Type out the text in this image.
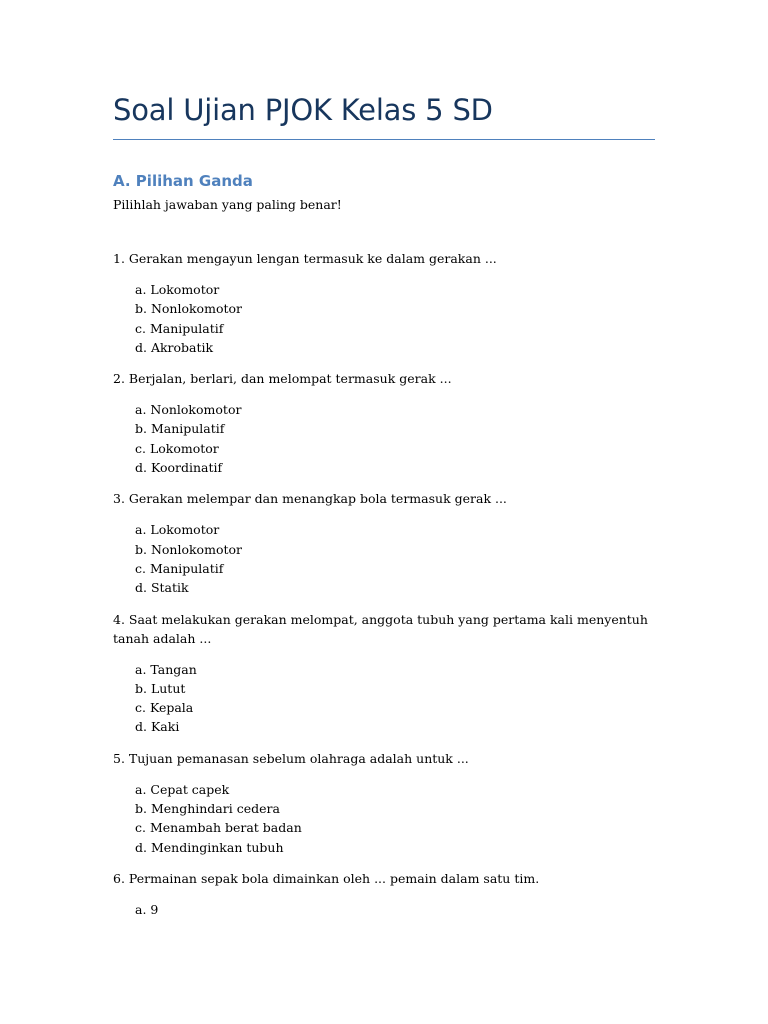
Soal Ujian PJOK Kelas 5 SD
A. Pilihan Ganda

Pilihlah jawaban yang paling benar!

1. Gerakan mengayun lengan termasuk ke dalam gerakan ...

a. Lokomotor
b. Nonlokomotor
c. Manipulatif
d. Akrobatik

2. Berjalan, berlari, dan melompat termasuk gerak ...

a. Nonlokomotor
b. Manipulatif
c. Lokomotor
d. Koordinatif

3. Gerakan melempar dan menangkap bola termasuk gerak ...

a. Lokomotor
b. Nonlokomotor
c. Manipulatif
d. Statik

4. Saat melakukan gerakan melompat, anggota tubuh yang pertama kali menyentuh tanah adalah ...

a. Tangan
b. Lutut
c. Kepala
d. Kaki

5. Tujuan pemanasan sebelum olahraga adalah untuk ...

a. Cepat capek
b. Menghindari cedera
c. Menambah berat badan
d. Mendinginkan tubuh

6. Permainan sepak bola dimainkan oleh ... pemain dalam satu tim.

a. 9
